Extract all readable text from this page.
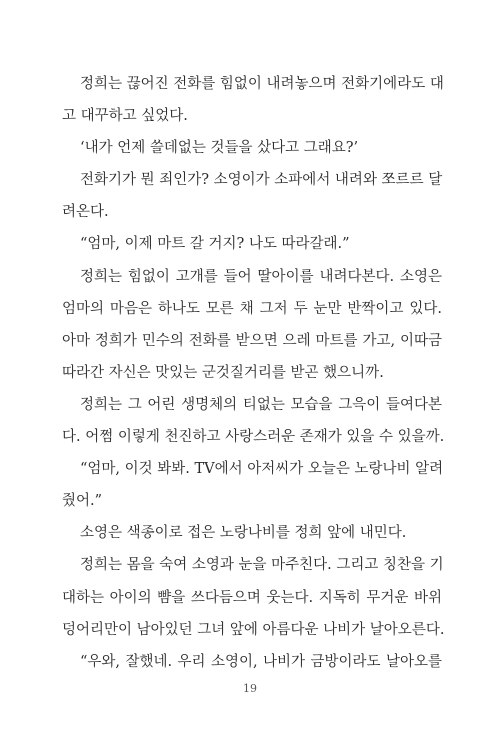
정희는 끊어진 전화를 힘없이 내려놓으며 전화기에라도 대
고 대꾸하고 싶었다.
‘내가 언제 쓸데없는 것들을 샀다고 그래요?’
전화기가 뭔 죄인가? 소영이가 소파에서 내려와 쪼르르 달
려온다.
“엄마, 이제 마트 갈 거지? 나도 따라갈래.”
정희는 힘없이 고개를 들어 딸아이를 내려다본다. 소영은
엄마의 마음은 하나도 모른 채 그저 두 눈만 반짝이고 있다.
아마 정희가 민수의 전화를 받으면 으레 마트를 가고, 이따금
따라간 자신은 맛있는 군것질거리를 받곤 했으니까.
정희는 그 어린 생명체의 티없는 모습을 그윽이 들여다본
다. 어쩜 이렇게 천진하고 사랑스러운 존재가 있을 수 있을까.
“엄마, 이것 봐봐. TV에서 아저씨가 오늘은 노랑나비 알려
줬어.”
소영은 색종이로 접은 노랑나비를 정희 앞에 내민다.
정희는 몸을 숙여 소영과 눈을 마주친다. 그리고 칭찬을 기
대하는 아이의 뺨을 쓰다듬으며 웃는다. 지독히 무거운 바위
덩어리만이 남아있던 그녀 앞에 아름다운 나비가 날아오른다.
“우와, 잘했네. 우리 소영이, 나비가 금방이라도 날아오를
19
